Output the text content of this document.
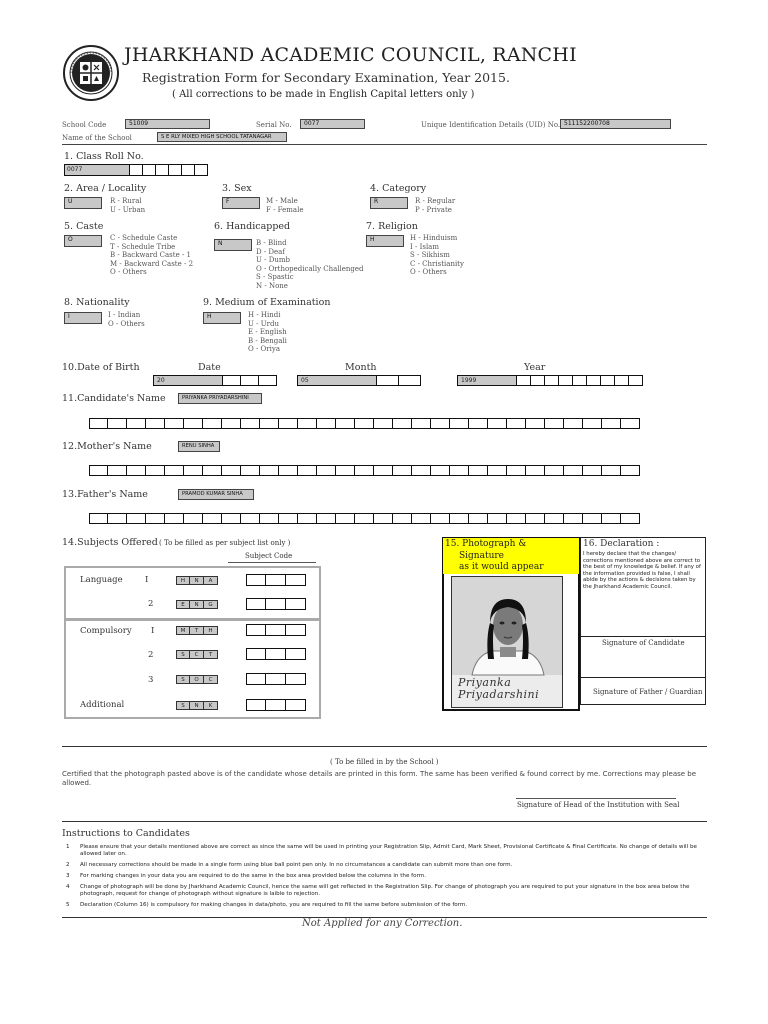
JHARKHAND ACADEMIC COUNCIL, RANCHI
Registration Form for Secondary Examination, Year 2015.
( All corrections to be made in English Capital letters only )
School Code	51009	Serial No.	0077	Unique Identification Details (UID) No. 511152200708
Name of the School	S E RLY MIXED HIGH SCHOOL TATANAGAR
1. Class Roll No.
0077
2. Area / Locality
U	R - Rural
U - Urban
3. Sex
F	M - Male
F - Female
4. Category
R	R - Regular
P - Private
5. Caste
O	C - Schedule Caste
T - Schedule Tribe
B - Backward Caste - 1
M - Backward Caste - 2
O - Others
6. Handicapped
N	B - Blind
D - Deaf
U - Dumb
O - Orthopedically Challenged
S - Spastic
N - None
7. Religion
H	H - Hinduism
I - Islam
S - Sikhism
C - Christianity
O - Others
8. Nationality
I	I - Indian
O - Others
9. Medium of Examination
H	H - Hindi
U - Urdu
E - English
B - Bengali
O - Oriya
10.Date of Birth	Date	Month	Year
20	05	1999
11.Candidate's Name	PRIYANKA PRIYADARSHINI
12.Mother's Name	RENU SINHA
13.Father's Name	PRAMOD KUMAR SINHA
14.Subjects Offered ( To be filled as per subject list only )
Subject Code
Language	I	H	N	A
2	E	N	G
Compulsory I	M	T	H
2	S	C	T
3	S	O	C
Additional	S	N	K
15. Photograph &
Signature
as it would appear
Priyanka
Priyadarshini
16. Declaration :
I hereby declare that the changes/ corrections mentioned above are correct to the best of my knowledge & belief. If any of the information provided is false, I shall abide by the actions & decisions taken by the Jharkhand Academic Council.
Signature of Candidate
Signature of Father / Guardian
( To be filled in by the School )
Certified that the photograph pasted above is of the candidate whose details are printed in this form. The same has been verified & found correct by me. Corrections may please be allowed.
Signature of Head of the Institution with Seal
Instructions to Candidates
1	Please ensure that your details mentioned above are correct as since the same will be used in printing your Registration Slip, Admit Card, Mark Sheet, Provisional Certificate & Final Certificate. No change of details will be allowed later on.
2	All necessary corrections should be made in a single form using blue ball point pen only. In no circumstances a candidate can submit more than one form.
3	For marking changes in your data you are required to do the same in the box area provided below the columns in the form.
4	Change of photograph will be done by Jharkhand Academic Council, hence the same will get reflected in the Registration Slip. For change of photograph you are required to put your signature in the box area below the photograph, request for change of photograph without signature is laible to rejection.
5	Declaration (Column 16) is compulsory for making changes in data/photo, you are required to fill the same before submission of the form.
Not Applied for any Correction.
